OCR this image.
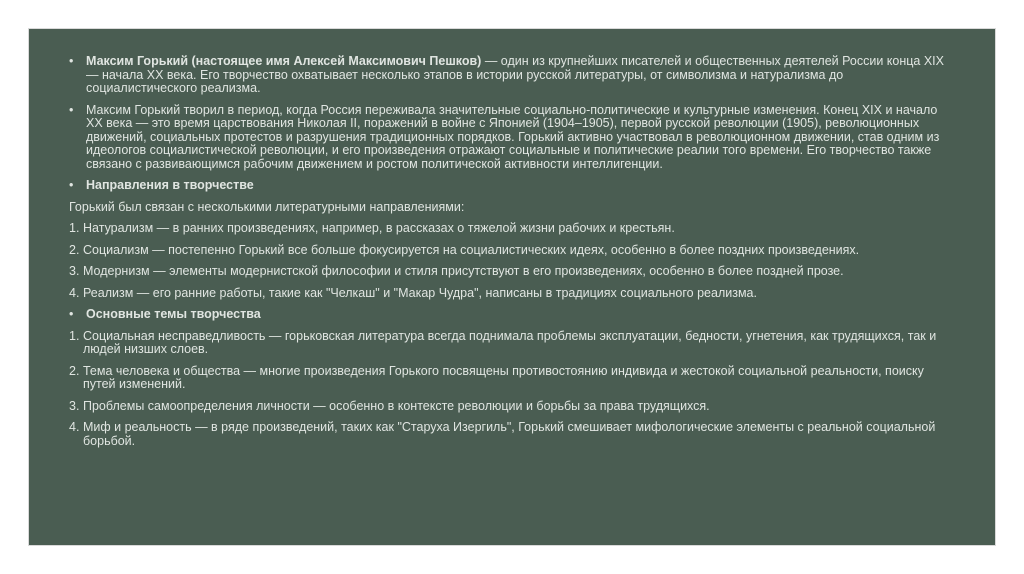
• Максим Горький (настоящее имя Алексей Максимович Пешков) — один из крупнейших писателей и общественных деятелей России конца XIX — начала XX века. Его творчество охватывает несколько этапов в истории русской литературы, от символизма и натурализма до социалистического реализма.
• Максим Горький творил в период, когда Россия переживала значительные социально-политические и культурные изменения. Конец XIX и начало XX века — это время царствования Николая II, поражений в войне с Японией (1904–1905), первой русской революции (1905), революционных движений, социальных протестов и разрушения традиционных порядков. Горький активно участвовал в революционном движении, став одним из идеологов социалистической революции, и его произведения отражают социальные и политические реалии того времени. Его творчество также связано с развивающимся рабочим движением и ростом политической активности интеллигенции.
• Направления в творчестве
Горький был связан с несколькими литературными направлениями:
1. Натурализм — в ранних произведениях, например, в рассказах о тяжелой жизни рабочих и крестьян.
2. Социализм — постепенно Горький все больше фокусируется на социалистических идеях, особенно в более поздних произведениях.
3. Модернизм — элементы модернистской философии и стиля присутствуют в его произведениях, особенно в более поздней прозе.
4. Реализм — его ранние работы, такие как "Челкаш" и "Макар Чудра", написаны в традициях социального реализма.
• Основные темы творчества
1. Социальная несправедливость — горьковская литература всегда поднимала проблемы эксплуатации, бедности, угнетения, как трудящихся, так и людей низших слоев.
2. Тема человека и общества — многие произведения Горького посвящены противостоянию индивида и жестокой социальной реальности, поиску путей изменений.
3. Проблемы самоопределения личности — особенно в контексте революции и борьбы за права трудящихся.
4. Миф и реальность — в ряде произведений, таких как "Старуха Изергиль", Горький смешивает мифологические элементы с реальной социальной борьбой.
